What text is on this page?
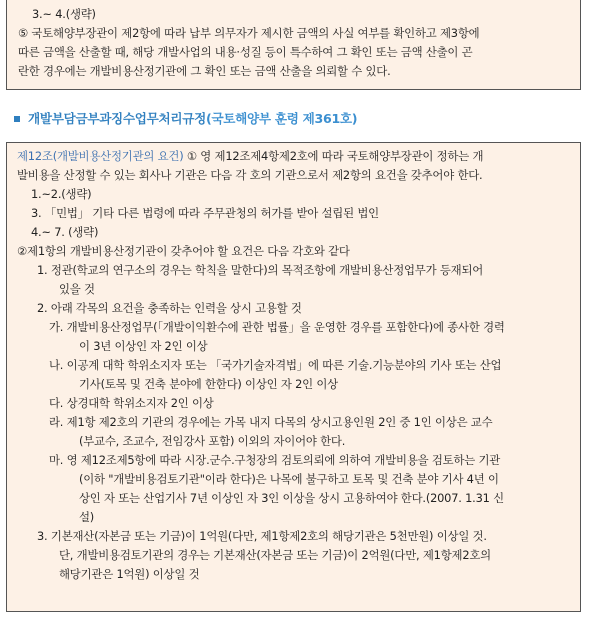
3.~ 4.(생략)
⑤ 국토해양부장관이 제2항에 따라 납부 의무자가 제시한 금액의 사실 여부를 확인하고 제3항에
따른 금액을 산출할 때, 해당 개발사업의 내용·성질 등이 특수하여 그 확인 또는 금액 산출이 곤
란한 경우에는 개발비용산정기관에 그 확인 또는 금액 산출을 의뢰할 수 있다.
개발부담금부과징수업무처리규정(국토해양부 훈령 제361호)
제12조(개발비용산정기관의 요건) ① 영 제12조제4항제2호에 따라 국토해양부장관이 정하는 개
발비용을 산정할 수 있는 회사나 기관은 다음 각 호의 기관으로서 제2항의 요건을 갖추어야 한다.
1.~2.(생략)
3. 「민법」 기타 다른 법령에 따라 주무관청의 허가를 받아 설립된 법인
4.~ 7. (생략)
②제1항의 개발비용산정기관이 갖추어야 할 요건은 다음 각호와 같다
1. 정관(학교의 연구소의 경우는 학칙을 말한다)의 목적조항에 개발비용산정업무가 등재되어
있을 것
2. 아래 각목의 요건을 충족하는 인력을 상시 고용할 것
가. 개발비용산정업무(「개발이익환수에 관한 법률」을 운영한 경우를 포함한다)에 종사한 경력
이 3년 이상인 자 2인 이상
나. 이공계 대학 학위소지자 또는 「국가기술자격법」에 따른 기술.기능분야의 기사 또는 산업
기사(토목 및 건축 분야에 한한다) 이상인 자 2인 이상
다. 상경대학 학위소지자 2인 이상
라. 제1항 제2호의 기관의 경우에는 가목 내지 다목의 상시고용인원 2인 중 1인 이상은 교수
(부교수, 조교수, 전임강사 포함) 이외의 자이어야 한다.
마. 영 제12조제5항에 따라 시장.군수.구청장의 검토의뢰에 의하여 개발비용을 검토하는 기관
(이하 "개발비용검토기관"이라 한다)은 나목에 불구하고 토목 및 건축 분야 기사 4년 이
상인 자 또는 산업기사 7년 이상인 자 3인 이상을 상시 고용하여야 한다.(2007. 1.31 신
설)
3. 기본재산(자본금 또는 기금)이 1억원(다만, 제1항제2호의 해당기관은 5천만원) 이상일 것.
단, 개발비용검토기관의 경우는 기본재산(자본금 또는 기금)이 2억원(다만, 제1항제2호의
해당기관은 1억원) 이상일 것
